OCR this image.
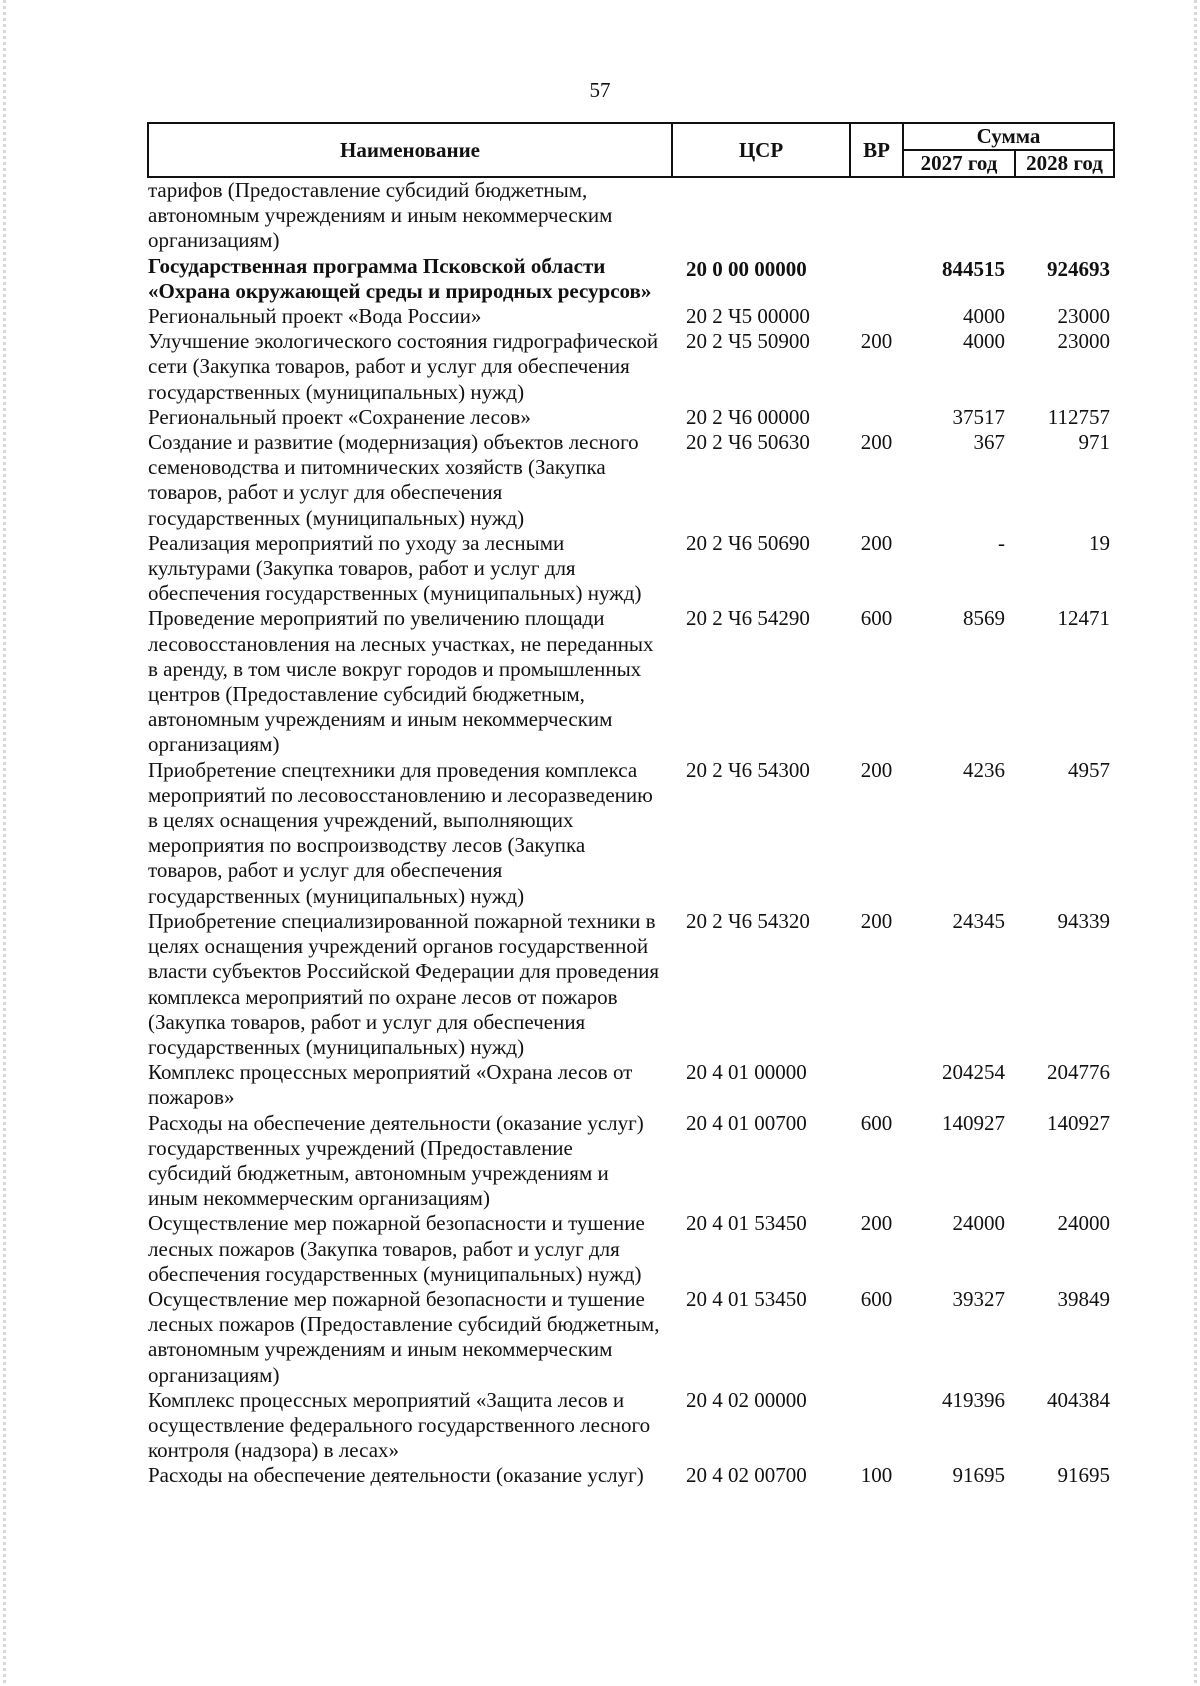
57
Наименование	ЦСР	ВР	Сумма	
			2027 год	2028 год
тарифов (Предоставление субсидий бюджетным, автономным учреждениям и иным некоммерческим организациям)				
Государственная программа Псковской области «Охрана окружающей среды и природных ресурсов»	20 0 00 00000		844515	924693
Региональный проект «Вода России»	20 2 Ч5 00000		4000	23000
Улучшение экологического состояния гидрографической сети (Закупка товаров, работ и услуг для обеспечения государственных (муниципальных) нужд)	20 2 Ч5 50900	200	4000	23000
Региональный проект «Сохранение лесов»	20 2 Ч6 00000		37517	112757
Создание и развитие (модернизация) объектов лесного семеноводства и питомнических хозяйств (Закупка товаров, работ и услуг для обеспечения государственных (муниципальных) нужд)	20 2 Ч6 50630	200	367	971
Реализация мероприятий по уходу за лесными культурами (Закупка товаров, работ и услуг для обеспечения государственных (муниципальных) нужд)	20 2 Ч6 50690	200	-	19
Проведение мероприятий по увеличению площади лесовосстановления на лесных участках, не переданных в аренду, в том числе вокруг городов и промышленных центров (Предоставление субсидий бюджетным, автономным учреждениям и иным некоммерческим организациям)	20 2 Ч6 54290	600	8569	12471
Приобретение спецтехники для проведения комплекса мероприятий по лесовосстановлению и лесоразведению в целях оснащения учреждений, выполняющих мероприятия по воспроизводству лесов (Закупка товаров, работ и услуг для обеспечения государственных (муниципальных) нужд)	20 2 Ч6 54300	200	4236	4957
Приобретение специализированной пожарной техники в целях оснащения учреждений органов государственной власти субъектов Российской Федерации для проведения комплекса мероприятий по охране лесов от пожаров (Закупка товаров, работ и услуг для обеспечения государственных (муниципальных) нужд)	20 2 Ч6 54320	200	24345	94339
Комплекс процессных мероприятий «Охрана лесов от пожаров»	20 4 01 00000		204254	204776
Расходы на обеспечение деятельности (оказание услуг) государственных учреждений (Предоставление субсидий бюджетным, автономным учреждениям и иным некоммерческим организациям)	20 4 01 00700	600	140927	140927
Осуществление мер пожарной безопасности и тушение лесных пожаров (Закупка товаров, работ и услуг для обеспечения государственных (муниципальных) нужд)	20 4 01 53450	200	24000	24000
Осуществление мер пожарной безопасности и тушение лесных пожаров (Предоставление субсидий бюджетным, автономным учреждениям и иным некоммерческим организациям)	20 4 01 53450	600	39327	39849
Комплекс процессных мероприятий «Защита лесов и осуществление федерального государственного лесного контроля (надзора) в лесах»	20 4 02 00000		419396	404384
Расходы на обеспечение деятельности (оказание услуг)	20 4 02 00700	100	91695	91695
